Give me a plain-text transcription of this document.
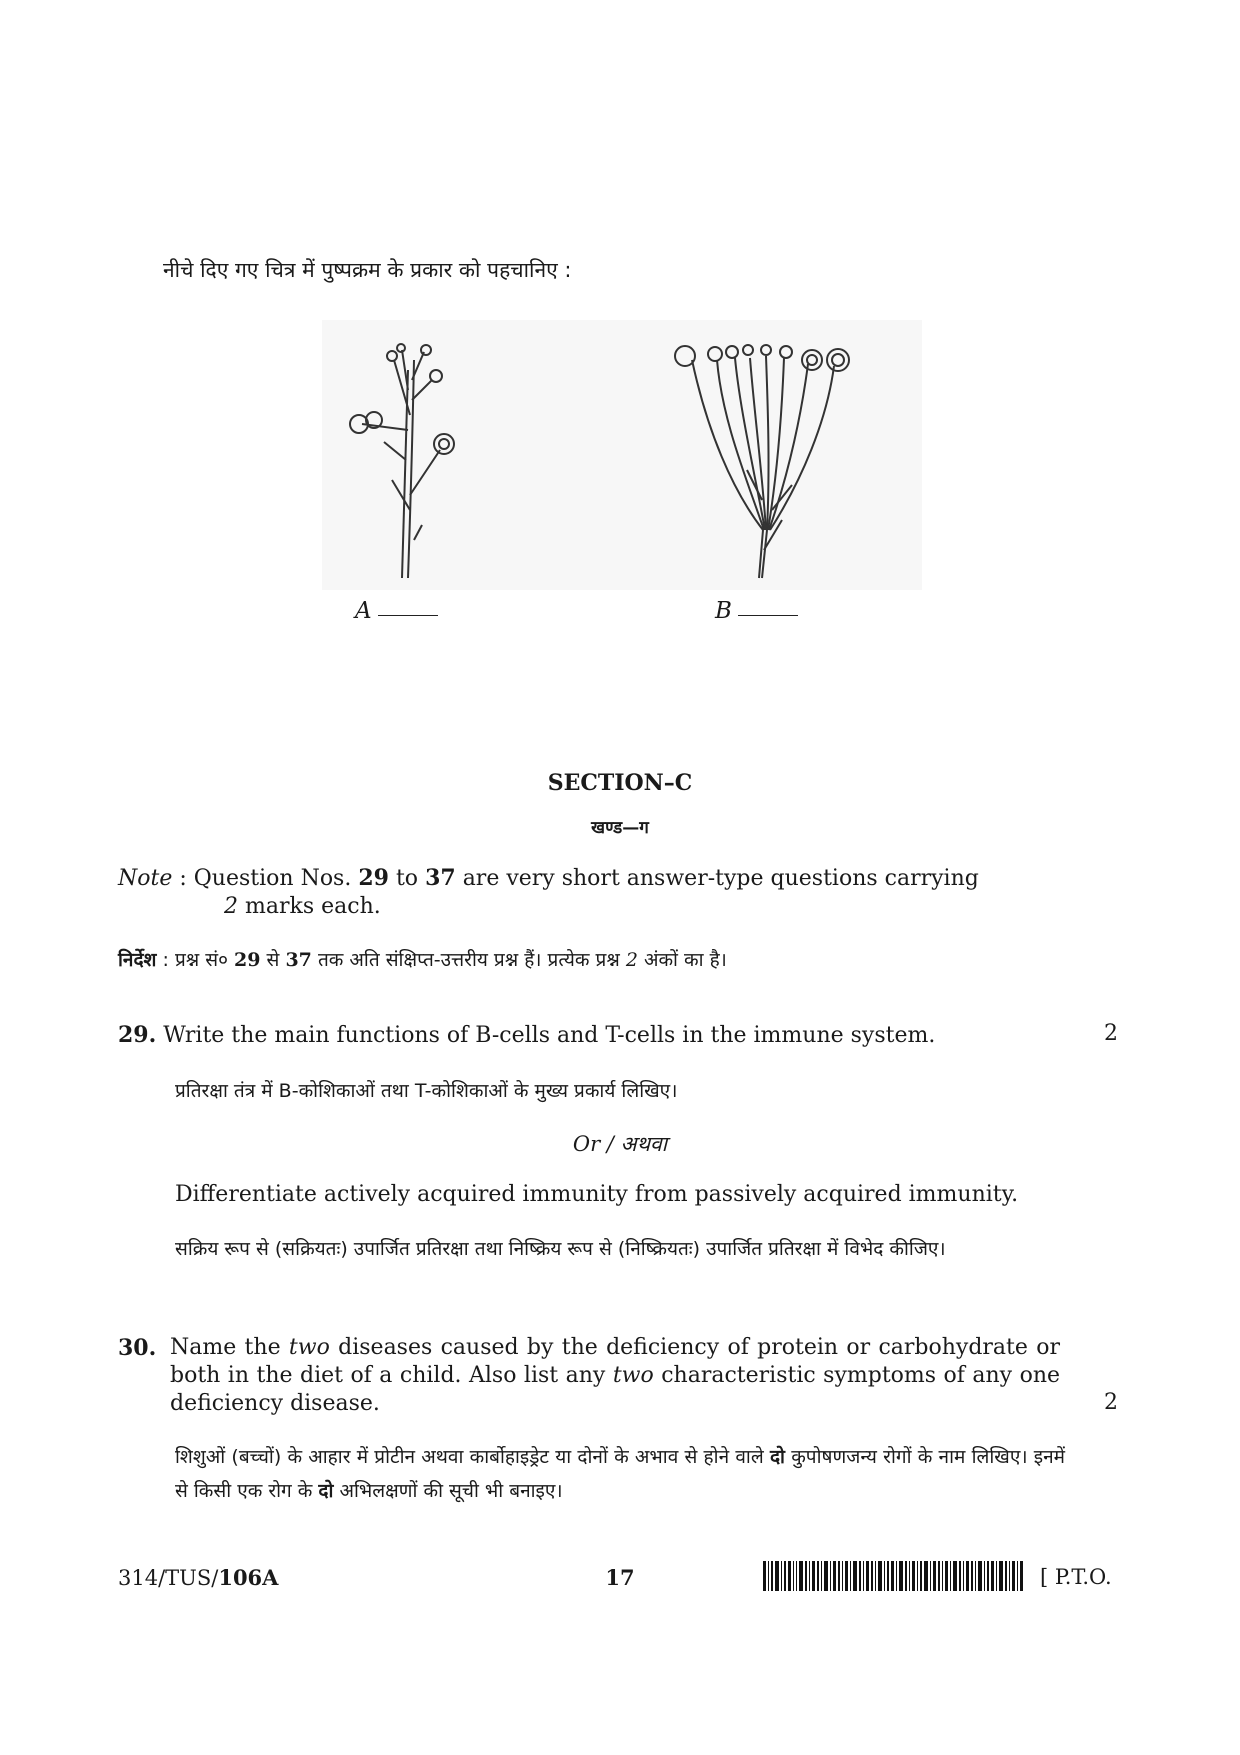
नीचे दिए गए चित्र में पुष्पक्रम के प्रकार को पहचानिए :
A	B
SECTION–C
खण्ड—ग
Note : Question Nos. 29 to 37 are very short answer-type questions carrying
2 marks each.
निर्देश : प्रश्न सं० 29 से 37 तक अति संक्षिप्त-उत्तरीय प्रश्न हैं। प्रत्येक प्रश्न 2 अंकों का है।
29. Write the main functions of B-cells and T-cells in the immune system.	2
प्रतिरक्षा तंत्र में B-कोशिकाओं तथा T-कोशिकाओं के मुख्य प्रकार्य लिखिए।
Or / अथवा
Differentiate actively acquired immunity from passively acquired immunity.
सक्रिय रूप से (सक्रियतः) उपार्जित प्रतिरक्षा तथा निष्क्रिय रूप से (निष्क्रियतः) उपार्जित प्रतिरक्षा में विभेद कीजिए।
30. Name the two diseases caused by the deficiency of protein or carbohydrate or both in the diet of a child. Also list any two characteristic symptoms of any one deficiency disease.	2
शिशुओं (बच्चों) के आहार में प्रोटीन अथवा कार्बोहाइड्रेट या दोनों के अभाव से होने वाले दो कुपोषणजन्य रोगों के नाम लिखिए। इनमें से किसी एक रोग के दो अभिलक्षणों की सूची भी बनाइए।
314/TUS/106A	17	[ P.T.O.
